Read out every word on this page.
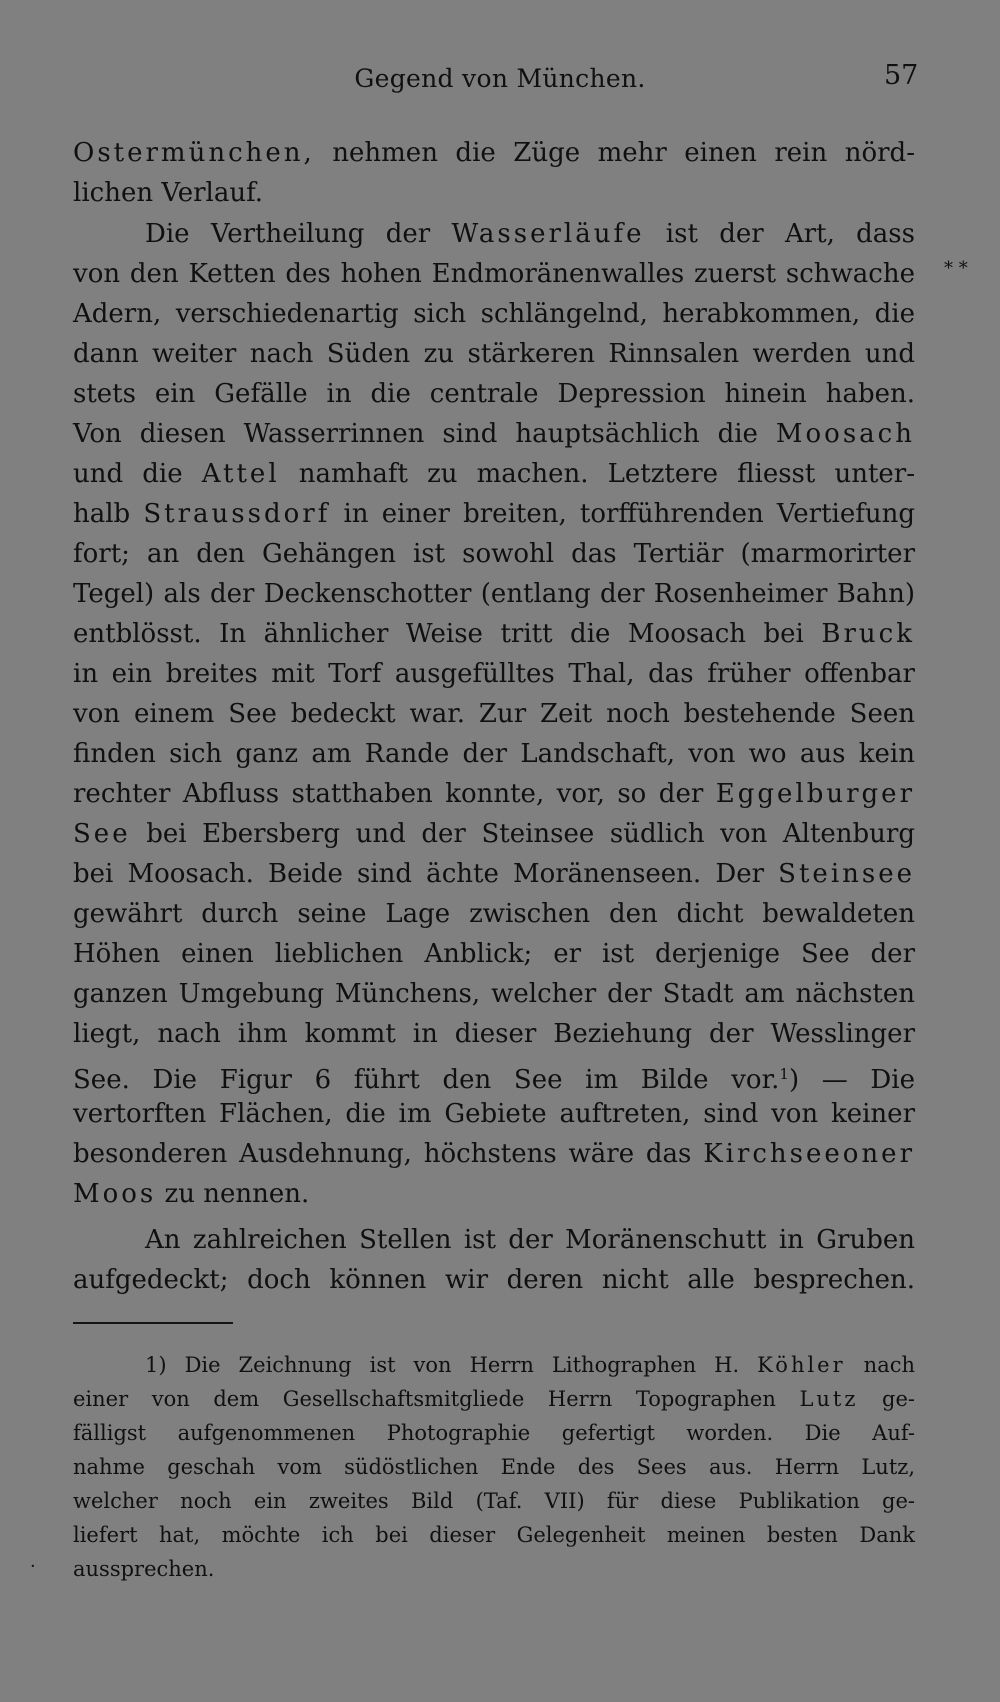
Gegend von München.	57
Ostermünchen, nehmen die Züge mehr einen rein nörd-
lichen Verlauf.
Die Vertheilung der Wasserläufe ist der Art, dass
von den Ketten des hohen Endmoränenwalles zuerst schwache
Adern, verschiedenartig sich schlängelnd, herabkommen, die
dann weiter nach Süden zu stärkeren Rinnsalen werden und
stets ein Gefälle in die centrale Depression hinein haben.
Von diesen Wasserrinnen sind hauptsächlich die Moosach
und die Attel namhaft zu machen. Letztere fliesst unter-
halb Straussdorf in einer breiten, torfführenden Vertiefung
fort; an den Gehängen ist sowohl das Tertiär (marmorirter
Tegel) als der Deckenschotter (entlang der Rosenheimer Bahn)
entblösst. In ähnlicher Weise tritt die Moosach bei Bruck
in ein breites mit Torf ausgefülltes Thal, das früher offenbar
von einem See bedeckt war. Zur Zeit noch bestehende Seen
finden sich ganz am Rande der Landschaft, von wo aus kein
rechter Abfluss statthaben konnte, vor, so der Eggelburger
See bei Ebersberg und der Steinsee südlich von Altenburg
bei Moosach. Beide sind ächte Moränenseen. Der Steinsee
gewährt durch seine Lage zwischen den dicht bewaldeten
Höhen einen lieblichen Anblick; er ist derjenige See der
ganzen Umgebung Münchens, welcher der Stadt am nächsten
liegt, nach ihm kommt in dieser Beziehung der Wesslinger
See. Die Figur 6 führt den See im Bilde vor.$^1$) — Die
vertorften Flächen, die im Gebiete auftreten, sind von keiner
besonderen Ausdehnung, höchstens wäre das Kirchseeoner
Moos zu nennen.
An zahlreichen Stellen ist der Moränenschutt in Gruben
aufgedeckt; doch können wir deren nicht alle besprechen.
1) Die Zeichnung ist von Herrn Lithographen H. Köhler nach
einer von dem Gesellschaftsmitgliede Herrn Topographen Lutz ge-
fälligst aufgenommenen Photographie gefertigt worden. Die Auf-
nahme geschah vom südöstlichen Ende des Sees aus. Herrn Lutz,
welcher noch ein zweites Bild (Taf. VII) für diese Publikation ge-
liefert hat, möchte ich bei dieser Gelegenheit meinen besten Dank
aussprechen.
* *
·
